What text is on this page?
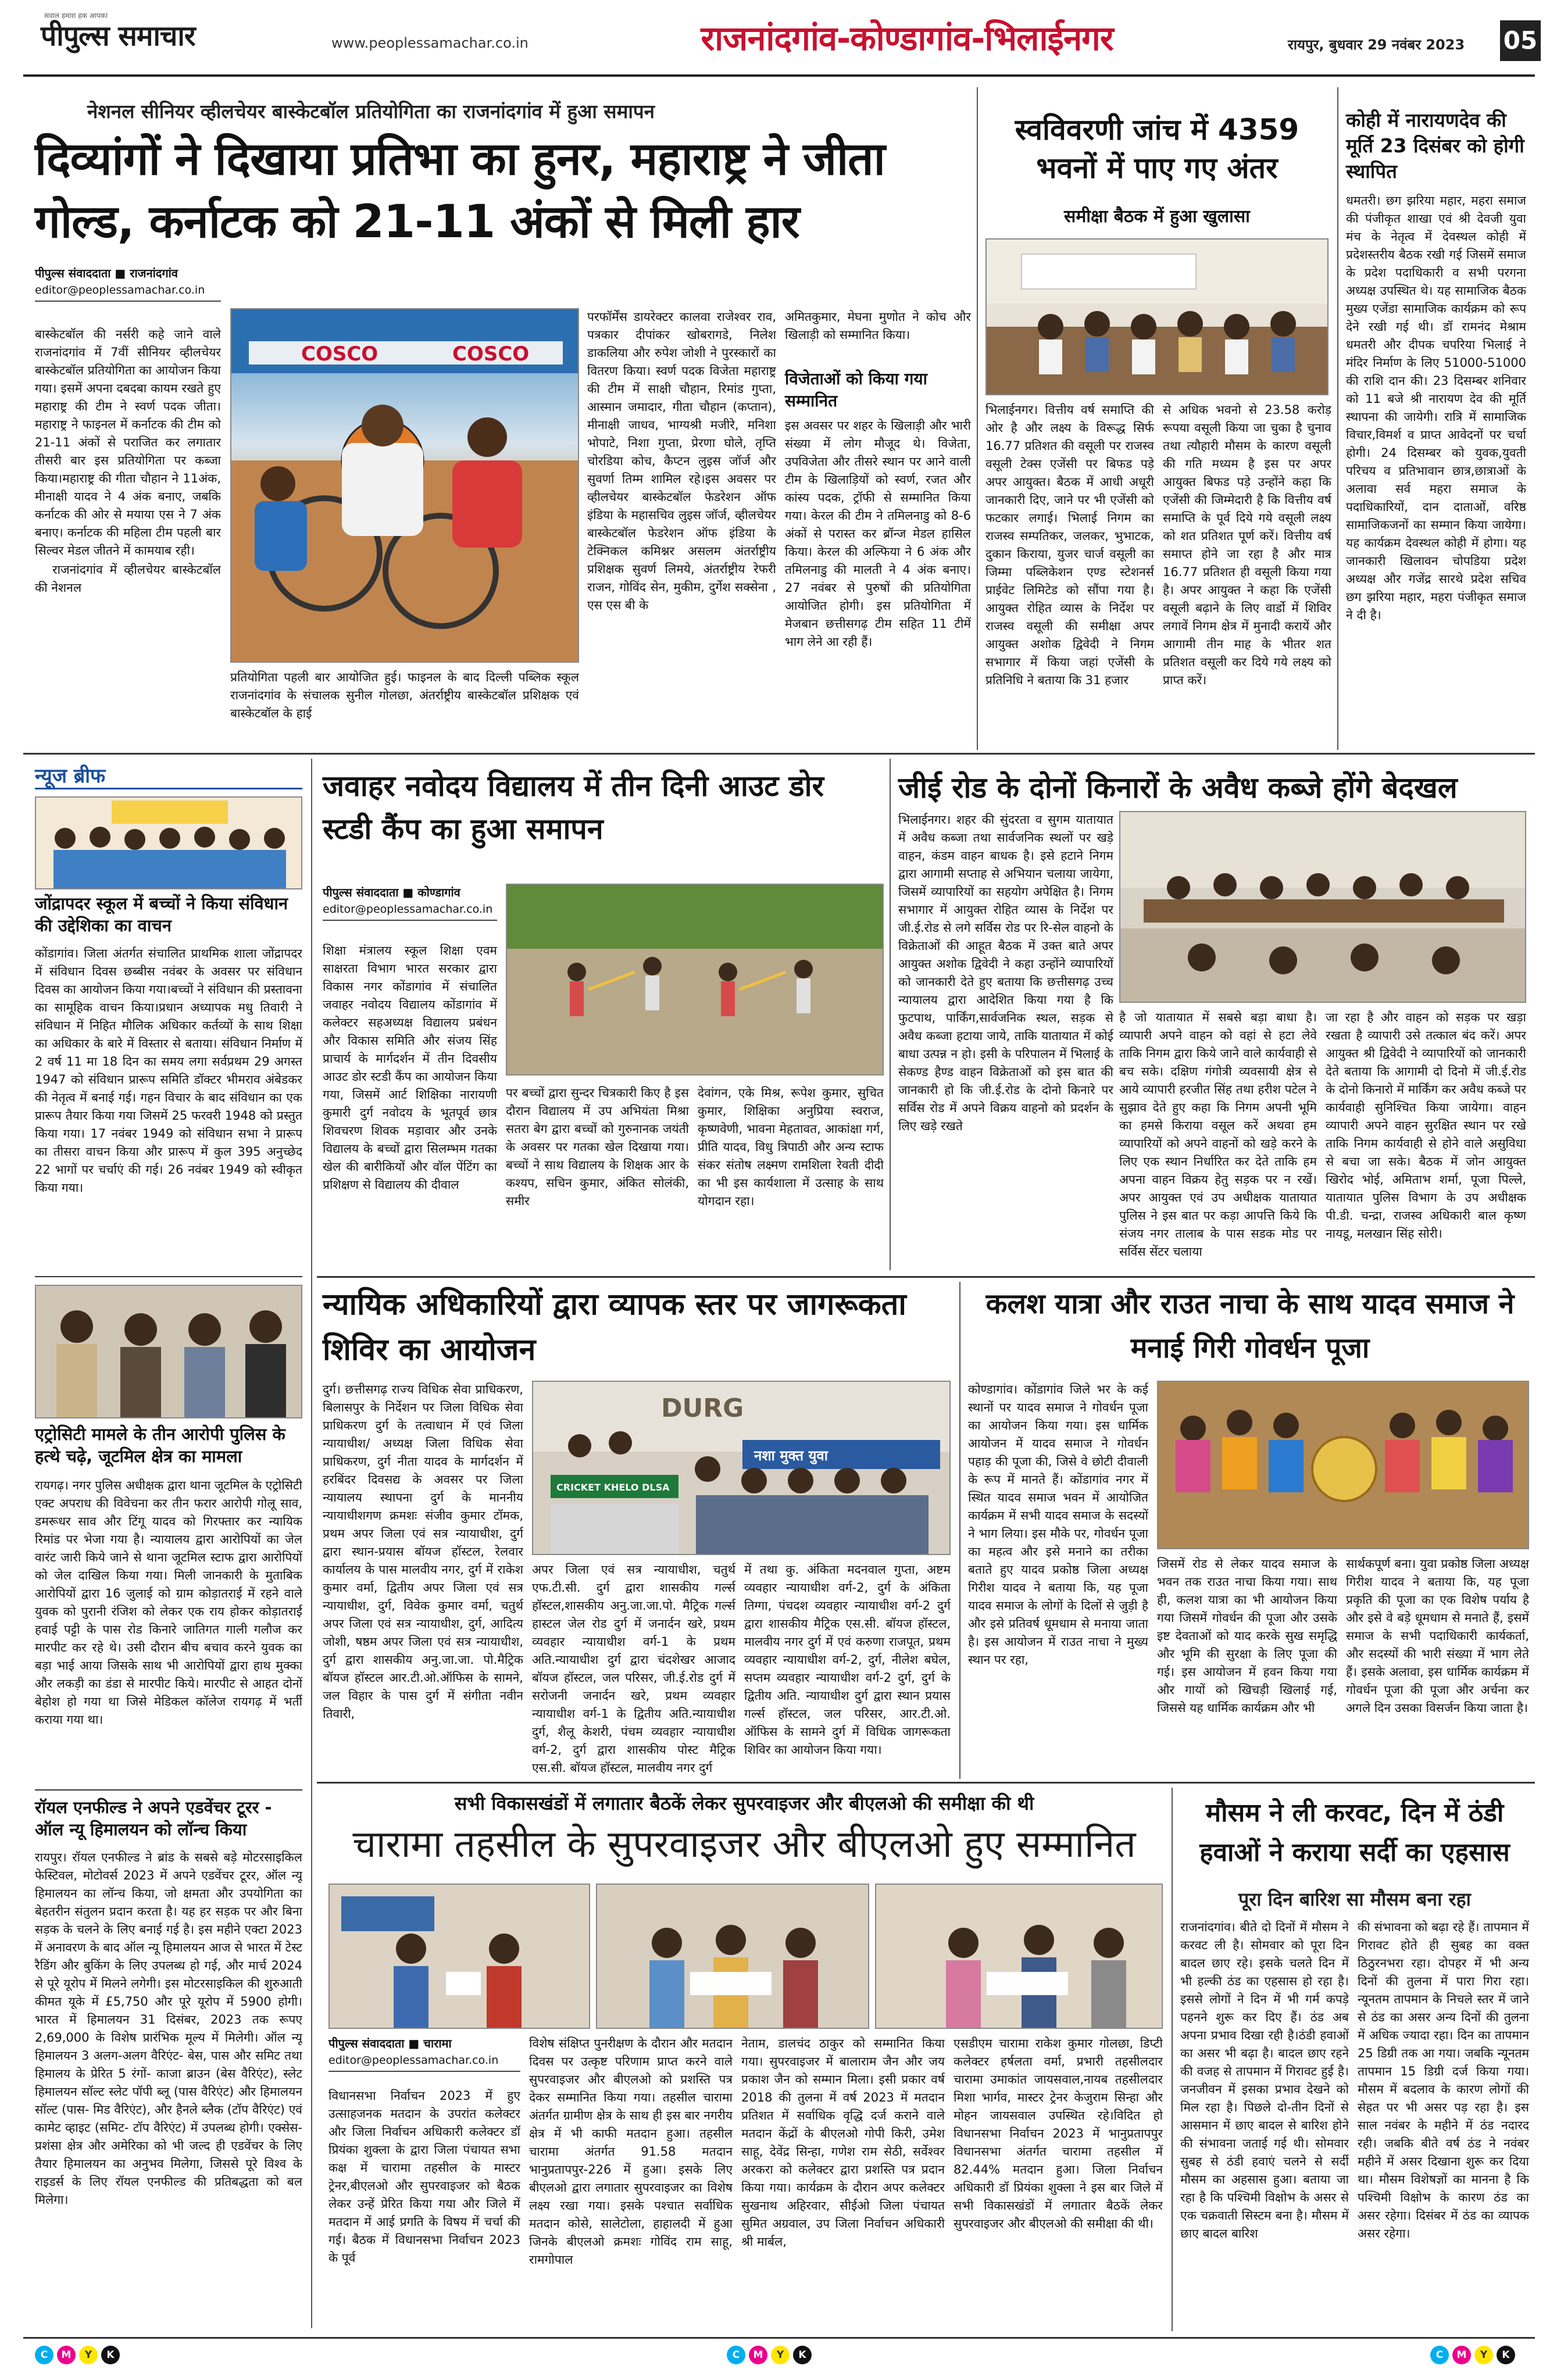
पीपुल्स समाचार
सवाल हमारा हक आपका
www.peoplessamachar.co.in	राजनांदगांव-कोण्डागांव-भिलाईनगर	रायपुर, बुधवार 29 नवंबर 2023 05
नेशनल सीनियर व्हीलचेयर बास्केटबॉल प्रतियोगिता का राजनांदगांव में हुआ समापन
दिव्यांगों ने दिखाया प्रतिभा का हुनर, महाराष्ट्र ने जीता गोल्ड, कर्नाटक को 21-11 अंकों से मिली हार
पीपुल्स संवाददाता ■ राजनांदगांव
editor@peoplessamachar.co.in

बास्केटबॉल की नर्सरी कहे जाने वाले राजनांदगांव में 7वीं सीनियर व्हीलचेयर बास्केटबॉल प्रतियोगिता का आयोजन किया गया। इसमें अपना दबदबा कायम रखते हुए महाराष्ट्र की टीम ने स्वर्ण पदक जीता। महाराष्ट्र ने फाइनल में कर्नाटक की टीम को 21-11 अंकों से पराजित कर लगातार तीसरी बार इस प्रतियोगिता पर कब्जा किया।महाराष्ट्र की गीता चौहान ने 11अंक, मीनाक्षी यादव ने 4 अंक बनाए, जबकि कर्नाटक की ओर से मयाया एस ने 7 अंक बनाए। कर्नाटक की महिला टीम पहली बार सिल्वर मेडल जीतने में कामयाब रही।

राजनांदगांव में व्हीलचेयर बास्केटबॉल की नेशनल

COSCO	COSCO
प्रतियोगिता पहली बार आयोजित हुई। फाइनल के बाद दिल्ली पब्लिक स्कूल राजनांदगांव के संचालक सुनील गोलछा, अंतर्राष्ट्रीय बास्केटबॉल प्रशिक्षक एवं बास्केटबॉल के हाई
परफॉर्मेंस डायरेक्टर कालवा राजेश्वर राव, पत्रकार दीपांकर खोबरागडे, निलेश डाकलिया और रुपेश जोशी ने पुरस्कारों का वितरण किया। स्वर्ण पदक विजेता महाराष्ट्र की टीम में साक्षी चौहान, रिमांड गुप्ता, आस्मान जमादार, गीता चौहान (कप्तान), मीनाक्षी जाधव, भाग्यश्री मजीरे, मनिशा भोपाटे, निशा गुप्ता, प्रेरणा घोले, तृप्ति चोरडिया कोच, कैप्टन लुइस जॉर्ज और सुवर्णा तिम्म शामिल रहे।इस अवसर पर व्हीलचेयर बास्केटबॉल फेडरेशन ऑफ इंडिया के महासचिव लुइस जॉर्ज, व्हीलचेयर बास्केटबॉल फेडरेशन ऑफ इंडिया के टेक्निकल कमिश्नर असलम अंतर्राष्ट्रीय प्रशिक्षक सुवर्ण लिमये, अंतर्राष्ट्रीय रेफरी राजन, गोविंद सेन, मुकीम, दुर्गेश सक्सेना , एस एस बी के
अमितकुमार, मेघना मुणोत ने कोच और खिलाड़ी को सम्मानित किया।
विजेताओं को किया गया सम्मानित
इस अवसर पर शहर के खिलाड़ी और भारी संख्या में लोग मौजूद थे। विजेता, उपविजेता और तीसरे स्थान पर आने वाली टीम के खिलाड़ियों को स्वर्ण, रजत और कांस्य पदक, ट्रॉफी से सम्मानित किया गया। केरल की टीम ने तमिलनाडु को 8-6 अंकों से परास्त कर ब्रॉन्ज मेडल हासिल किया। केरल की अल्फिया ने 6 अंक और तमिलनाडु की मालती ने 4 अंक बनाए। 27 नवंबर से पुरुषों की प्रतियोगिता आयोजित होगी। इस प्रतियोगिता में मेजबान छत्तीसगढ़ टीम सहित 11 टीमें भाग लेने आ रही हैं।
स्वविवरणी जांच में 4359 भवनों में पाए गए अंतर
समीक्षा बैठक में हुआ खुलासा
भिलाईनगर। वित्तीय वर्ष समाप्ति की ओर है और लक्ष्य के विरूद्ध सिर्फ 16.77 प्रतिशत की वसूली पर राजस्व वसूली टेक्स एजेंसी पर बिफड पड़े अपर आयुक्त। बैठक में आधी अधूरी जानकारी दिए, जाने पर भी एजेंसी को फटकार लगाई। भिलाई निगम का राजस्व सम्पतिकर, जलकर, भुभाटक, दुकान किराया, युजर चार्ज वसूली का जिम्मा पब्लिकेशन एण्ड स्टेशनर्स प्राईवेट लिमिटेड को सौंपा गया है। आयुक्त रोहित व्यास के निर्देश पर राजस्व वसूली की समीक्षा अपर आयुक्त अशोक द्विवेदी ने निगम सभागार में किया जहां एजेंसी के प्रतिनिधि ने बताया कि 31 हजार
से अधिक भवनो से 23.58 करोड़ रूपया वसूली किया जा चुका है चुनाव तथा त्यौहारी मौसम के कारण वसूली की गति मध्यम है इस पर अपर आयुक्त बिफड पड़े उन्होंने कहा कि एजेंसी की जिम्मेदारी है कि वित्तीय वर्ष समाप्ति के पूर्व दिये गये वसूली लक्ष्य को शत प्रतिशत पूर्ण करें। वित्तीय वर्ष समाप्त होने जा रहा है और मात्र 16.77 प्रतिशत ही वसूली किया गया है। अपर आयुक्त ने कहा कि एजेंसी वसूली बढ़ाने के लिए वार्डो में शिविर लगावें निगम क्षेत्र में मुनादी करायें और आगामी तीन माह के भीतर शत प्रतिशत वसूली कर दिये गये लक्ष्य को प्राप्त करें।
कोही में नारायणदेव की मूर्ति 23 दिसंबर को होगी स्थापित
धमतरी। छग झरिया महार, महरा समाज की पंजीकृत शाखा एवं श्री देवजी युवा मंच के नेतृत्व में देवस्थल कोही में प्रदेशस्तरीय बैठक रखी गई जिसमें समाज के प्रदेश पदाधिकारी व सभी परगना अध्यक्ष उपस्थित थे। यह सामाजिक बैठक मुख्य एजेंडा सामाजिक कार्यक्रम को रूप देने रखी गई थी। डॉ रामनंद मेश्राम धमतरी और दीपक चपरिया भिलाई ने मंदिर निर्माण के लिए 51000-51000 की राशि दान की। 23 दिसम्बर शनिवार को 11 बजे श्री नारायण देव की मूर्ति स्थापना की जायेगी। रात्रि में सामाजिक विचार,विमर्श व प्राप्त आवेदनों पर चर्चा होगी। 24 दिसम्बर को युवक,युवती परिचय व प्रतिभावान छात्र,छात्राओं के अलावा सर्व महरा समाज के पदाधिकारियों, दान दाताओं, वरिष्ठ सामाजिकजनों का सम्मान किया जायेगा। यह कार्यक्रम देवस्थल कोही में होगा। यह जानकारी खिलावन चोपडिया प्रदेश अध्यक्ष और गजेंद्र सारथे प्रदेश सचिव छग झरिया महार, महरा पंजीकृत समाज ने दी है।
न्यूज ब्रीफ
जोंद्रापदर स्कूल में बच्चों ने किया संविधान की उद्देशिका का वाचन
कोंडागांव। जिला अंतर्गत संचालित प्राथमिक शाला जोंद्रापदर में संविधान दिवस छब्बीस नवंबर के अवसर पर संविधान दिवस का आयोजन किया गया।बच्चों ने संविधान की प्रस्तावना का सामूहिक वाचन किया।प्रधान अध्यापक मधु तिवारी ने संविधान में निहित मौलिक अधिकार कर्तव्यों के साथ शिक्षा का अधिकार के बारे में विस्तार से बताया। संविधान निर्माण में 2 वर्ष 11 मा 18 दिन का समय लगा सर्वप्रथम 29 अगस्त 1947 को संविधान प्रारूप समिति डॉक्टर भीमराव अंबेडकर की नेतृत्व में बनाई गई। गहन विचार के बाद संविधान का एक प्रारूप तैयार किया गया जिसमें 25 फरवरी 1948 को प्रस्तुत किया गया। 17 नवंबर 1949 को संविधान सभा ने प्रारूप का तीसरा वाचन किया और प्रारूप में कुल 395 अनुच्छेद 22 भागों पर चर्चाएं की गई। 26 नवंबर 1949 को स्वीकृत किया गया।
एट्रोसिटी मामले के तीन आरोपी पुलिस के हत्थे चढ़े, जूटमिल क्षेत्र का मामला
रायगढ़। नगर पुलिस अधीक्षक द्वारा थाना जूटमिल के एट्रोसिटी एक्ट अपराध की विवेचना कर तीन फरार आरोपी गोलू साव, डमरूधर साव और टिंगू यादव को गिरफ्तार कर न्यायिक रिमांड पर भेजा गया है। न्यायालय द्वारा आरोपियों का जेल वारंट जारी किये जाने से थाना जूटमिल स्टाफ द्वारा आरोपियों को जेल दाखिल किया गया। मिली जानकारी के मुताबिक आरोपियों द्वारा 16 जुलाई को ग्राम कोड़ातराई में रहने वाले युवक को पुरानी रंजिश को लेकर एक राय होकर कोड़ातराई हवाई पट्टी के पास रोड किनारे जातिगत गाली गलौज कर मारपीट कर रहे थे। उसी दौरान बीच बचाव करने युवक का बड़ा भाई आया जिसके साथ भी आरोपियों द्वारा हाथ मुक्का और लकड़ी का डंडा से मारपीट किये। मारपीट से आहत दोनों बेहोश हो गया था जिसे मेडिकल कॉलेज रायगढ़ में भर्ती कराया गया था।
रॉयल एनफील्ड ने अपने एडवेंचर टूरर - ऑल न्यू हिमालयन को लॉन्च किया
रायपुर। रॉयल एनफील्ड ने ब्रांड के सबसे बड़े मोटरसाइकिल फेस्टिवल, मोटोवर्स 2023 में अपने एडवेंचर टूरर, ऑल न्यू हिमालयन का लॉन्च किया, जो क्षमता और उपयोगिता का बेहतरीन संतुलन प्रदान करता है। यह हर सड़क पर और बिना सड़क के चलने के लिए बनाई गई है। इस महीने एक्टा 2023 में अनावरण के बाद ऑल न्यू हिमालयन आज से भारत में टेस्ट रैडिंग और बुकिंग के लिए उपलब्ध हो गई, और मार्च 2024 से पूरे यूरोप में मिलने लगेगी। इस मोटरसाइकिल की शुरुआती कीमत यूके में £5,750 और पूरे यूरोप में 5900 होगी। भारत में हिमालयन 31 दिसंबर, 2023 तक रूपए 2,69,000 के विशेष प्रारंभिक मूल्य में मिलेगी। ऑल न्यू हिमालयन 3 अलग-अलग वैरिएंट- बेस, पास और समिट तथा हिमालय के प्रेरित 5 रंगों- काजा ब्राउन (बेस वैरिएंट), स्लेट हिमालयन सॉल्ट स्लेट पॉपी ब्लू (पास वैरिएंट) और हिमालयन सॉल्ट (पास- मिड वैरिएंट), और हैनले ब्लैक (टॉप वैरिएंट) एवं कामेट व्हाइट (समिट- टॉप वैरिएंट) में उपलब्ध होगी। एक्सेस- प्रशंसा क्षेत्र और अमेरिका को भी जल्द ही एडवेंचर के लिए तैयार हिमालयन का अनुभव मिलेगा, जिससे पूरे विश्व के राइडर्स के लिए रॉयल एनफील्ड की प्रतिबद्धता को बल मिलेगा।
जवाहर नवोदय विद्यालय में तीन दिनी आउट डोर स्टडी कैंप का हुआ समापन
पीपुल्स संवाददाता ■ कोण्डागांव
editor@peoplessamachar.co.in
शिक्षा मंत्रालय स्कूल शिक्षा एवम साक्षरता विभाग भारत सरकार द्वारा विकास नगर कोंडागांव में संचालित जवाहर नवोदय विद्यालय कोंडागांव में कलेक्टर सहअध्यक्ष विद्यालय प्रबंधन और विकास समिति और संजय सिंह प्राचार्य के मार्गदर्शन में तीन दिवसीय आउट डोर स्टडी कैंप का आयोजन किया गया, जिसमें आर्ट शिक्षिका नारायणी कुमारी दुर्ग नवोदय के भूतपूर्व छात्र शिवचरण शिवक मड़ावार और उनके विद्यालय के बच्चों द्वारा सिलम्भम गतका खेल की बारीकियों और वॉल पेंटिंग का प्रशिक्षण से विद्यालय की दीवाल
पर बच्चों द्वारा सुन्दर चित्रकारी किए है इस दौरान विद्यालय में उप अभियंता मिश्रा सतरा बेग द्वारा बच्चों को गुरुनानक जयंती के अवसर पर गतका खेल दिखाया गया। बच्चों ने साथ विद्यालय के शिक्षक आर के कश्यप, सचिन कुमार, अंकित सोलंकी, समीर
देवांगन, एके मिश्र, रूपेश कुमार, सुचित कुमार, शिक्षिका अनुप्रिया स्वराज, कृष्णवेणी, भावना मेहतावत, आकांक्षा गर्ग, प्रीति यादव, विधु त्रिपाठी और अन्य स्टाफ संकर संतोष लक्ष्मण रामशिला रेवती दीदी का भी इस कार्यशाला में उत्साह के साथ योगदान रहा।
जीई रोड के दोनों किनारों के अवैध कब्जे होंगे बेदखल
भिलाईनगर। शहर की सुंदरता व सुगम यातायात में अवैध कब्जा तथा सार्वजनिक स्थलों पर खड़े वाहन, कंडम वाहन बाधक है। इसे हटाने निगम द्वारा आगामी सप्ताह से अभियान चलाया जायेगा, जिसमें व्यापारियों का सहयोग अपेक्षित है। निगम सभागार में आयुक्त रोहित व्यास के निर्देश पर जी.ई.रोड से लगे सर्विस रोड पर रि-सेल वाहनो के विक्रेताओं की आहूत बैठक में उक्त बाते अपर आयुक्त अशोक द्विवेदी ने कहा उन्होंने व्यापारियों को जानकारी देते हुए बताया कि छत्तीसगढ़ उच्च न्यायालय द्वारा आदेशित किया गया है कि फुटपाथ, पार्किंग,सार्वजनिक स्थल, सड़क से अवैध कब्जा हटाया जाये, ताकि यातायात में कोई बाधा उत्पन्न न हो। इसी के परिपालन में भिलाई के सेकण्ड हैण्ड वाहन विक्रेताओं को इस बात की जानकारी हो कि जी.ई.रोड के दोनो किनारे पर सर्विस रोड में अपने विक्रय वाहनो को प्रदर्शन के लिए खड़े रखते
है जो यातायात में सबसे बड़ा बाधा है। व्यापारी अपने वाहन को वहां से हटा लेवे ताकि निगम द्वारा किये जाने वाले कार्यवाही से बच सके। दक्षिण गंगोत्री व्यवसायी क्षेत्र से आये व्यापारी हरजीत सिंह तथा हरीश पटेल ने सुझाव देते हुए कहा कि निगम अपनी भूमि का हमसे किराया वसूल करें अथवा हम व्यापारियों को अपने वाहनों को खड़े करने के लिए एक स्थान निर्धारित कर देते ताकि हम अपना वाहन विक्रय हेतु सड़क पर न रखें। अपर आयुक्त एवं उप अधीक्षक यातायात पुलिस ने इस बात पर कड़ा आपत्ति किये कि संजय नगर तालाब के पास सडक मोड पर सर्विस सेंटर चलाया
जा रहा है और वाहन को सड़क पर खड़ा रखता है व्यापारी उसे तत्काल बंद करें। अपर आयुक्त श्री द्विवेदी ने व्यापारियों को जानकारी देते बताया कि आगामी दो दिनो में जी.ई.रोड के दोनो किनारो में मार्किंग कर अवैध कब्जे पर कार्यवाही सुनिश्चित किया जायेगा। वाहन व्यापारी अपने वाहन सुरक्षित स्थान पर रखे ताकि निगम कार्यवाही से होने वाले असुविधा से बचा जा सके। बैठक में जोन आयुक्त खिरोद भोई, अमिताभ शर्मा, पूजा पिल्ले, यातायात पुलिस विभाग के उप अधीक्षक पी.डी. चन्द्रा, राजस्व अधिकारी बाल कृष्ण नायडू, मलखान सिंह सोरी।
न्यायिक अधिकारियों द्वारा व्यापक स्तर पर जागरूकता शिविर का आयोजन
दुर्ग। छत्तीसगढ़ राज्य विधिक सेवा प्राधिकरण, बिलासपुर के निर्देशन पर जिला विधिक सेवा प्राधिकरण दुर्ग के तत्वाधान में एवं जिला न्यायाधीश/ अध्यक्ष जिला विधिक सेवा प्राधिकरण, दुर्ग नीता यादव के मार्गदर्शन में हरबिंदर दिवसद्य के अवसर पर जिला न्यायालय स्थापना दुर्ग के माननीय न्यायाधीशगण क्रमशः संजीव कुमार टॉमक, प्रथम अपर जिला एवं सत्र न्यायाधीश, दुर्ग द्वारा स्थान-प्रयास बॉयज हॉस्टल, रेलवार कार्यालय के पास मालवीय नगर, दुर्ग में राकेश कुमार वर्मा, द्वितीय अपर जिला एवं सत्र न्यायाधीश, दुर्ग, विवेक कुमार वर्मा, चतुर्थ अपर जिला एवं सत्र न्यायाधीश, दुर्ग, आदित्य जोशी, षष्ठम अपर जिला एवं सत्र न्यायाधीश, दुर्ग द्वारा शासकीय अनु.जा.जा. पो.मैट्रिक बॉयज हॉस्टल आर.टी.ओ.ऑफिस के सामने, जल विहार के पास दुर्ग में संगीता नवीन तिवारी,
DURG
नशा मुक्त युवा
CRICKET KHELO DLSA
अपर जिला एवं सत्र न्यायाधीश, चतुर्थ एफ.टी.सी. दुर्ग द्वारा शासकीय गर्ल्स हॉस्टल,शासकीय अनु.जा.जा.पो. मैट्रिक गर्ल्स हास्टल जेल रोड दुर्ग में जनार्दन खरे, प्रथम व्यवहार न्यायाधीश वर्ग-1 के प्रथम अति.न्यायाधीश दुर्ग द्वारा चंदशेखर आजाद बॉयज हॉस्टल, जल परिसर, जी.ई.रोड दुर्ग में सरोजनी जनार्दन खरे, प्रथम व्यवहार न्यायाधीश वर्ग-1 के द्वितीय अति.न्यायाधीश दुर्ग, शैलू केशरी, पंचम व्यवहार न्यायाधीश वर्ग-2, दुर्ग द्वारा शासकीय पोस्ट मैट्रिक एस.सी. बॉयज हॉस्टल, मालवीय नगर दुर्ग
में तथा कु. अंकिता मदनवाल गुप्ता, अष्टम व्यवहार न्यायाधीश वर्ग-2, दुर्ग के अंकिता तिग्गा, पंचदश व्यवहार न्यायाधीश वर्ग-2 दुर्ग द्वारा शासकीय मैट्रिक एस.सी. बॉयज हॉस्टल, मालवीय नगर दुर्ग में एवं करुणा राजपूत, प्रथम व्यवहार न्यायाधीश वर्ग-2, दुर्ग, नीलेश बघेल, सप्तम व्यवहार न्यायाधीश वर्ग-2 दुर्ग, दुर्ग के द्वितीय अति. न्यायाधीश दुर्ग द्वारा स्थान प्रयास गर्ल्स हॉस्टल, जल परिसर, आर.टी.ओ. ऑफिस के सामने दुर्ग में विधिक जागरूकता शिविर का आयोजन किया गया।
कलश यात्रा और राउत नाचा के साथ यादव समाज ने मनाई गिरी गोवर्धन पूजा
कोण्डागांव। कोंडागांव जिले भर के कई स्थानों पर यादव समाज ने गोवर्धन पूजा का आयोजन किया गया। इस धार्मिक आयोजन में यादव समाज ने गोवर्धन पहाड़ की पूजा की, जिसे वे छोटी दीवाली के रूप में मानते हैं। कोंडागांव नगर में स्थित यादव समाज भवन में आयोजित कार्यक्रम में सभी यादव समाज के सदस्यों ने भाग लिया। इस मौके पर, गोवर्धन पूजा का महत्व और इसे मनाने का तरीका बताते हुए यादव प्रकोष्ठ जिला अध्यक्ष गिरीश यादव ने बताया कि, यह पूजा यादव समाज के लोगों के दिलों से जुड़ी है और इसे प्रतिवर्ष धूमधाम से मनाया जाता है। इस आयोजन में राउत नाचा ने मुख्य स्थान पर रहा,
जिसमें रोड से लेकर यादव समाज के भवन तक राउत नाचा किया गया। साथ ही, कलश यात्रा का भी आयोजन किया गया जिसमें गोवर्धन की पूजा और उसके इष्ट देवताओं को याद करके सुख समृद्धि और भूमि की सुरक्षा के लिए पूजा की गई। इस आयोजन में हवन किया गया और गायों को खिचड़ी खिलाई गई, जिससे यह धार्मिक कार्यक्रम और भी
सार्थकपूर्ण बना। युवा प्रकोष्ठ जिला अध्यक्ष गिरीश यादव ने बताया कि, यह पूजा प्रकृति की पूजा का एक विशेष पर्याय है और इसे वे बड़े धूमधाम से मनाते हैं, इसमें समाज के सभी पदाधिकारी कार्यकर्ता, और सदस्यों की भारी संख्या में भाग लेते हैं। इसके अलावा, इस धार्मिक कार्यक्रम में गोवर्धन पूजा की पूजा और अर्चना कर अगले दिन उसका विसर्जन किया जाता है।
सभी विकासखंडों में लगातार बैठकें लेकर सुपरवाइजर और बीएलओ की समीक्षा की थी
चारामा तहसील के सुपरवाइजर और बीएलओ हुए सम्मानित
पीपुल्स संवाददाता ■ चारामा
editor@peoplessamachar.co.in
विधानसभा निर्वाचन 2023 में हुए उत्साहजनक मतदान के उपरांत कलेक्टर और जिला निर्वाचन अधिकारी कलेक्टर डॉ प्रियंका शुक्ला के द्वारा जिला पंचायत सभा कक्ष में चारामा तहसील के मास्टर ट्रेनर,बीएलओ और सुपरवाइजर को बैठक लेकर उन्हें प्रेरित किया गया और जिले में मतदान में आई प्रगति के विषय में चर्चा की गई। बैठक में विधानसभा निर्वाचन 2023 के पूर्व
विशेष संक्षिप्त पुनरीक्षण के दौरान और मतदान दिवस पर उत्कृष्ट परिणाम प्राप्त करने वाले सुपरवाइजर और बीएलओ को प्रशस्ति पत्र देकर सम्मानित किया गया। तहसील चारामा अंतर्गत ग्रामीण क्षेत्र के साथ ही इस बार नगरीय क्षेत्र में भी काफी मतदान हुआ। तहसील चारामा अंतर्गत 91.58 मतदान भानुप्रतापपुर-226 में हुआ। इसके लिए बीएलओ द्वारा लगातार सुपरवाइजर का विशेष लक्ष्य रखा गया। इसके पश्चात सर्वाधिक मतदान कोसे, सालेटोला, हाहालदी में हुआ जिनके बीएलओ क्रमशः गोविंद राम साहू, रामगोपाल
नेताम, डालचंद ठाकुर को सम्मानित किया गया। सुपरवाइजर में बालाराम जैन और जय प्रकाश जैन को सम्मान मिला। इसी प्रकार वर्ष 2018 की तुलना में वर्ष 2023 में मतदान प्रतिशत में सर्वाधिक वृद्धि दर्ज कराने वाले मतदान केंद्रों के बीएलओ गोपी किरी, उमेश साहू, देवेंद्र सिन्हा, गणेश राम सेठी, सर्वेश्वर अरकरा को कलेक्टर द्वारा प्रशस्ति पत्र प्रदान किया गया। कार्यक्रम के दौरान अपर कलेक्टर सुखनाथ अहिरवार, सीईओ जिला पंचायत सुमित अग्रवाल, उप जिला निर्वाचन अधिकारी श्री मार्बल,
एसडीएम चारामा राकेश कुमार गोलछा, डिप्टी कलेक्टर हर्षलता वर्मा, प्रभारी तहसीलदार चारामा उमाकांत जायसवाल,नायब तहसीलदार मिशा भार्गव, मास्टर ट्रेनर केजुराम सिन्हा और मोहन जायसवाल उपस्थित रहे।विदित हो विधानसभा निर्वाचन 2023 में भानुप्रतापपुर विधानसभा अंतर्गत चारामा तहसील में 82.44% मतदान हुआ। जिला निर्वाचन अधिकारी डॉ प्रियंका शुक्ला ने इस बार जिले में सभी विकासखंडों में लगातार बैठकें लेकर सुपरवाइजर और बीएलओ की समीक्षा की थी।
मौसम ने ली करवट, दिन में ठंडी हवाओं ने कराया सर्दी का एहसास
पूरा दिन बारिश सा मौसम बना रहा
राजनांदगांव। बीते दो दिनों में मौसम ने करवट ली है। सोमवार को पूरा दिन बादल छाए रहे। इसके चलते दिन में भी हल्की ठंड का एहसास हो रहा है। इससे लोगों ने दिन में भी गर्म कपड़े पहनने शुरू कर दिए हैं। ठंड अब अपना प्रभाव दिखा रही है।ठंडी हवाओं का असर भी बढ़ा है। बादल छाए रहने की वजह से तापमान में गिरावट हुई है। जनजीवन में इसका प्रभाव देखने को मिल रहा है। पिछले दो-तीन दिनों से आसमान में छाए बादल से बारिश होने की संभावना जताई गई थी। सोमवार सुबह से ठंडी हवाएं चलने से सर्दी मौसम का अहसास हुआ। बताया जा रहा है कि पश्चिमी विक्षोभ के असर से एक चक्रवाती सिस्टम बना है। मौसम में छाए बादल बारिश
की संभावना को बढ़ा रहे हैं। तापमान में गिरावट होते ही सुबह का वक्त ठिठुरनभरा रहा। दोपहर में भी अन्य दिनों की तुलना में पारा गिरा रहा। न्यूनतम तापमान के निचले स्तर में जाने से ठंड का असर अन्य दिनों की तुलना में अधिक ज्यादा रहा। दिन का तापमान 25 डिग्री तक आ गया। जबकि न्यूनतम तापमान 15 डिग्री दर्ज किया गया। मौसम में बदलाव के कारण लोगों की सेहत पर भी असर पड़ रहा है। इस साल नवंबर के महीने में ठंड नदारद रही। जबकि बीते वर्ष ठंड ने नवंबर महीने में असर दिखाना शुरू कर दिया था। मौसम विशेषज्ञों का मानना है कि पश्चिमी विक्षोभ के कारण ठंड का असर रहेगा। दिसंबर में ठंड का व्यापक असर रहेगा।
C	M	Y	K	C	M	Y	K	C	M	Y	K
